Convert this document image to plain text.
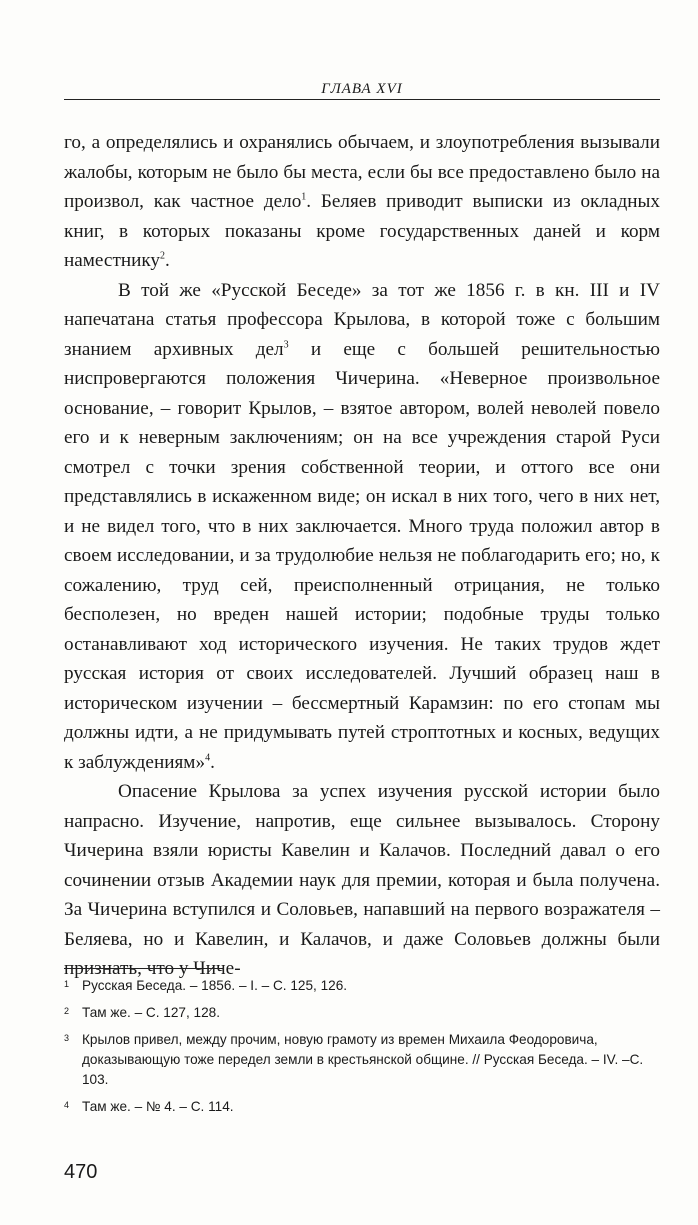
ГЛАВА XVI

го, а определялись и охранялись обычаем, и злоупотребления вызывали жалобы, которым не было бы места, если бы все предоставлено было на произвол, как частное дело$^1$. Беляев приводит выписки из окладных книг, в которых показаны кроме государственных даней и корм наместнику$^2$.

В той же «Русской Беседе» за тот же 1856 г. в кн. III и IV напечатана статья профессора Крылова, в которой тоже с большим знанием архивных дел$^3$ и еще с большей решительностью ниспровергаются положения Чичерина. «Неверное произвольное основание, – говорит Крылов, – взятое автором, волей неволей повело его и к неверным заключениям; он на все учреждения старой Руси смотрел с точки зрения собственной теории, и оттого все они представлялись в искаженном виде; он искал в них того, чего в них нет, и не видел того, что в них заключается. Много труда положил автор в своем исследовании, и за трудолюбие нельзя не поблагодарить его; но, к сожалению, труд сей, преисполненный отрицания, не только бесполезен, но вреден нашей истории; подобные труды только останавливают ход исторического изучения. Не таких трудов ждет русская история от своих исследователей. Лучший образец наш в историческом изучении – бессмертный Карамзин: по его стопам мы должны идти, а не придумывать путей строптотных и косных, ведущих к заблуждениям»$^4$.

Опасение Крылова за успех изучения русской истории было напрасно. Изучение, напротив, еще сильнее вызывалось. Сторону Чичерина взяли юристы Кавелин и Калачов. Последний давал о его сочинении отзыв Академии наук для премии, которая и была получена. За Чичерина вступился и Соловьев, напавший на первого возражателя – Беляева, но и Кавелин, и Калачов, и даже Соловьев должны были признать, что у Чиче-

1 Русская Беседа. – 1856. – I. – С. 125, 126.
2 Там же. – С. 127, 128.
3 Крылов привел, между прочим, новую грамоту из времен Михаила Феодоровича, доказывающую тоже передел земли в крестьянской общине. // Русская Беседа. – IV. –С. 103.
4 Там же. – № 4. – С. 114.
470
